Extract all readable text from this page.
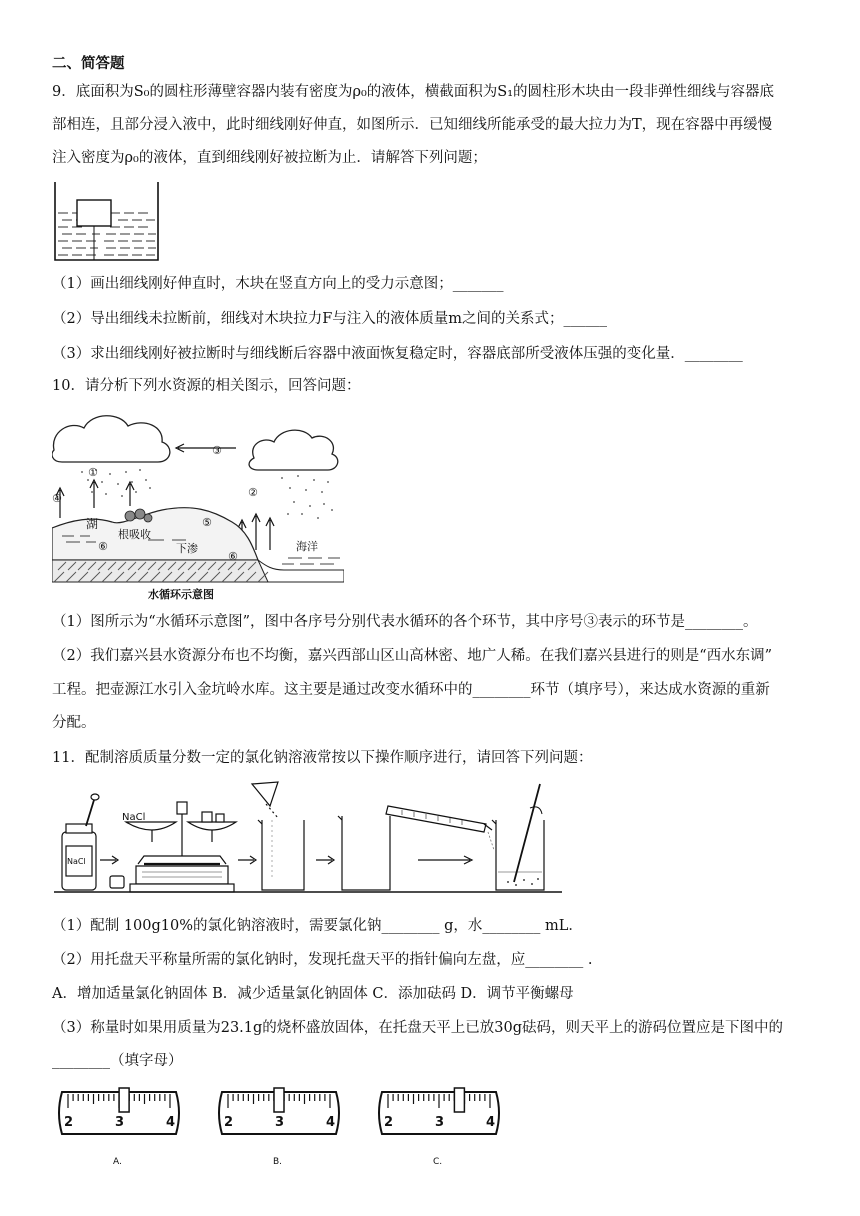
二、简答题
9．底面积为S₀的圆柱形薄壁容器内装有密度为ρ₀的液体，横截面积为S₁的圆柱形木块由一段非弹性细线与容器底
部相连，且部分浸入液中，此时细线刚好伸直，如图所示．已知细线所能承受的最大拉力为T，现在容器中再缓慢
注入密度为ρ₀的液体，直到细线刚好被拉断为止．请解答下列问题；
（1）画出细线刚好伸直时，木块在竖直方向上的受力示意图；_______
（2）导出细线未拉断前，细线对木块拉力F与注入的液体质量m之间的关系式；______
（3）求出细线刚好被拉断时与细线断后容器中液面恢复稳定时，容器底部所受液体压强的变化量．________
10．请分析下列水资源的相关图示，回答问题：
④
①
③
②
⑤
⑥
⑥
湖
根吸收
下渗	海洋
水循环示意图
（1）图所示为“水循环示意图”，图中各序号分别代表水循环的各个环节，其中序号③表示的环节是________。
（2）我们嘉兴县水资源分布也不均衡，嘉兴西部山区山高林密、地广人稀。在我们嘉兴县进行的则是“西水东调”
工程。把壶源江水引入金坑岭水库。这主要是通过改变水循环中的________环节（填序号），来达成水资源的重新
分配。
11．配制溶质质量分数一定的氯化钠溶液常按以下操作顺序进行，请回答下列问题：
NaCl
NaCl
（1）配制 100g10%的氯化钠溶液时，需要氯化钠________ g，水________ mL．
（2）用托盘天平称量所需的氯化钠时，发现托盘天平的指针偏向左盘，应________ .
A．增加适量氯化钠固体 B．减少适量氯化钠固体 C．添加砝码 D．调节平衡螺母
（3）称量时如果用质量为23.1g的烧杯盛放固体，在托盘天平上已放30g砝码，则天平上的游码位置应是下图中的
________（填字母）
2	3	4
A.
2	3	4
B.
2	3	4
C.
